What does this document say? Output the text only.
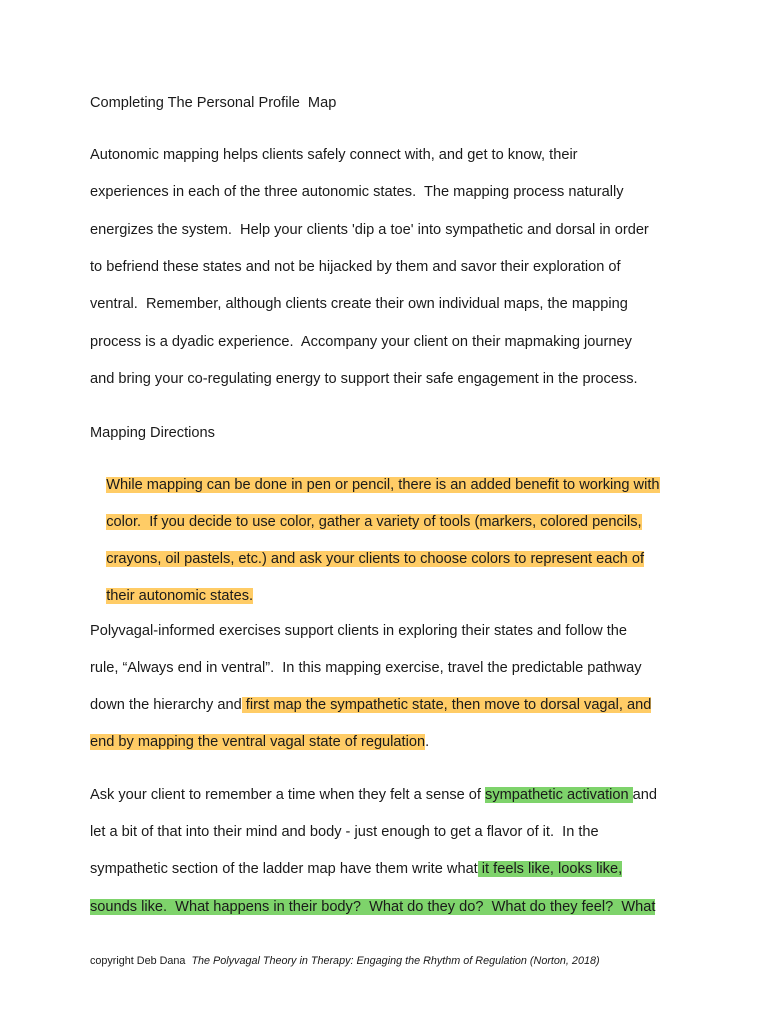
Completing The Personal Profile  Map
Autonomic mapping helps clients safely connect with, and get to know, their
experiences in each of the three autonomic states.  The mapping process naturally
energizes the system.  Help your clients 'dip a toe' into sympathetic and dorsal in order
to befriend these states and not be hijacked by them and savor their exploration of
ventral.  Remember, although clients create their own individual maps, the mapping
process is a dyadic experience.  Accompany your client on their mapmaking journey
and bring your co-regulating energy to support their safe engagement in the process.
Mapping Directions

While mapping can be done in pen or pencil, there is an added benefit to working with

color.  If you decide to use color, gather a variety of tools (markers, colored pencils,

crayons, oil pastels, etc.) and ask your clients to choose colors to represent each of

their autonomic states.

Polyvagal-informed exercises support clients in exploring their states and follow the
rule, “Always end in ventral”.  In this mapping exercise, travel the predictable pathway
down the hierarchy and first map the sympathetic state, then move to dorsal vagal, and
end by mapping the ventral vagal state of regulation.
Ask your client to remember a time when they felt a sense of sympathetic activation and
let a bit of that into their mind and body - just enough to get a flavor of it.  In the
sympathetic section of the ladder map have them write what it feels like, looks like,
sounds like.  What happens in their body?  What do they do?  What do they feel?  What
copyright Deb Dana  The Polyvagal Theory in Therapy: Engaging the Rhythm of Regulation (Norton, 2018)
